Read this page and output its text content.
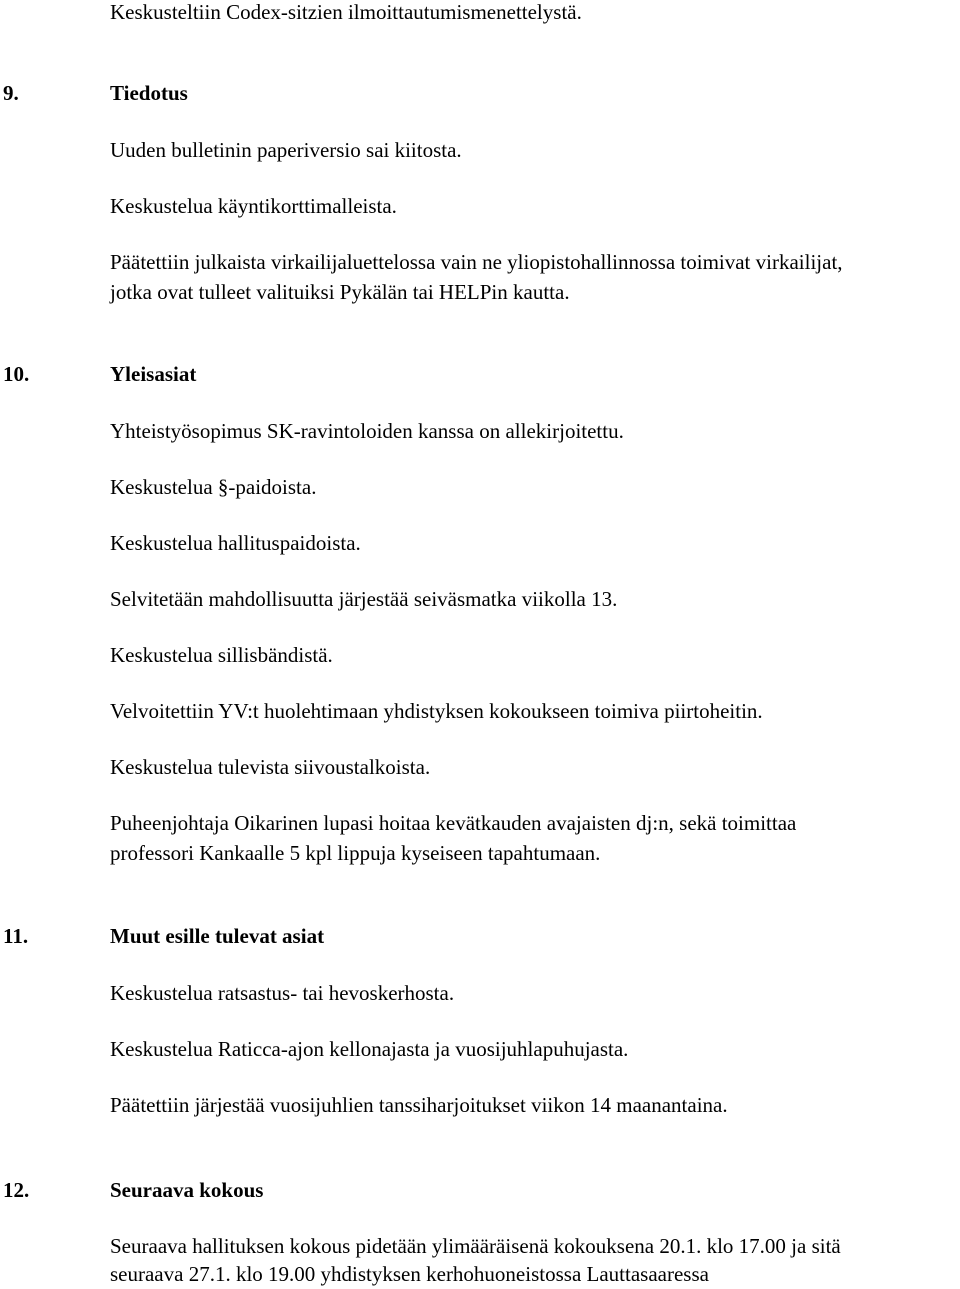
Keskusteltiin Codex-sitzien ilmoittautumismenettelystä.
9.	Tiedotus
Uuden bulletinin paperiversio sai kiitosta.
Keskustelua käyntikorttimalleista.
Päätettiin julkaista virkailijaluettelossa vain ne yliopistohallinnossa toimivat virkailijat,
jotka ovat tulleet valituiksi Pykälän tai HELPin kautta.
10.	Yleisasiat
Yhteistyösopimus SK-ravintoloiden kanssa on allekirjoitettu.
Keskustelua §-paidoista.
Keskustelua hallituspaidoista.
Selvitetään mahdollisuutta järjestää seiväsmatka viikolla 13.
Keskustelua sillisbändistä.
Velvoitettiin YV:t huolehtimaan yhdistyksen kokoukseen toimiva piirtoheitin.
Keskustelua tulevista siivoustalkoista.
Puheenjohtaja Oikarinen lupasi hoitaa kevätkauden avajaisten dj:n, sekä toimittaa
professori Kankaalle 5 kpl lippuja kyseiseen tapahtumaan.
11.	Muut esille tulevat asiat
Keskustelua ratsastus- tai hevoskerhosta.
Keskustelua Raticca-ajon kellonajasta ja vuosijuhlapuhujasta.
Päätettiin järjestää vuosijuhlien tanssiharjoitukset viikon 14 maanantaina.
12.	Seuraava kokous
Seuraava hallituksen kokous pidetään ylimääräisenä kokouksena 20.1. klo 17.00 ja sitä
seuraava 27.1. klo 19.00 yhdistyksen kerhohuoneistossa Lauttasaaressa
